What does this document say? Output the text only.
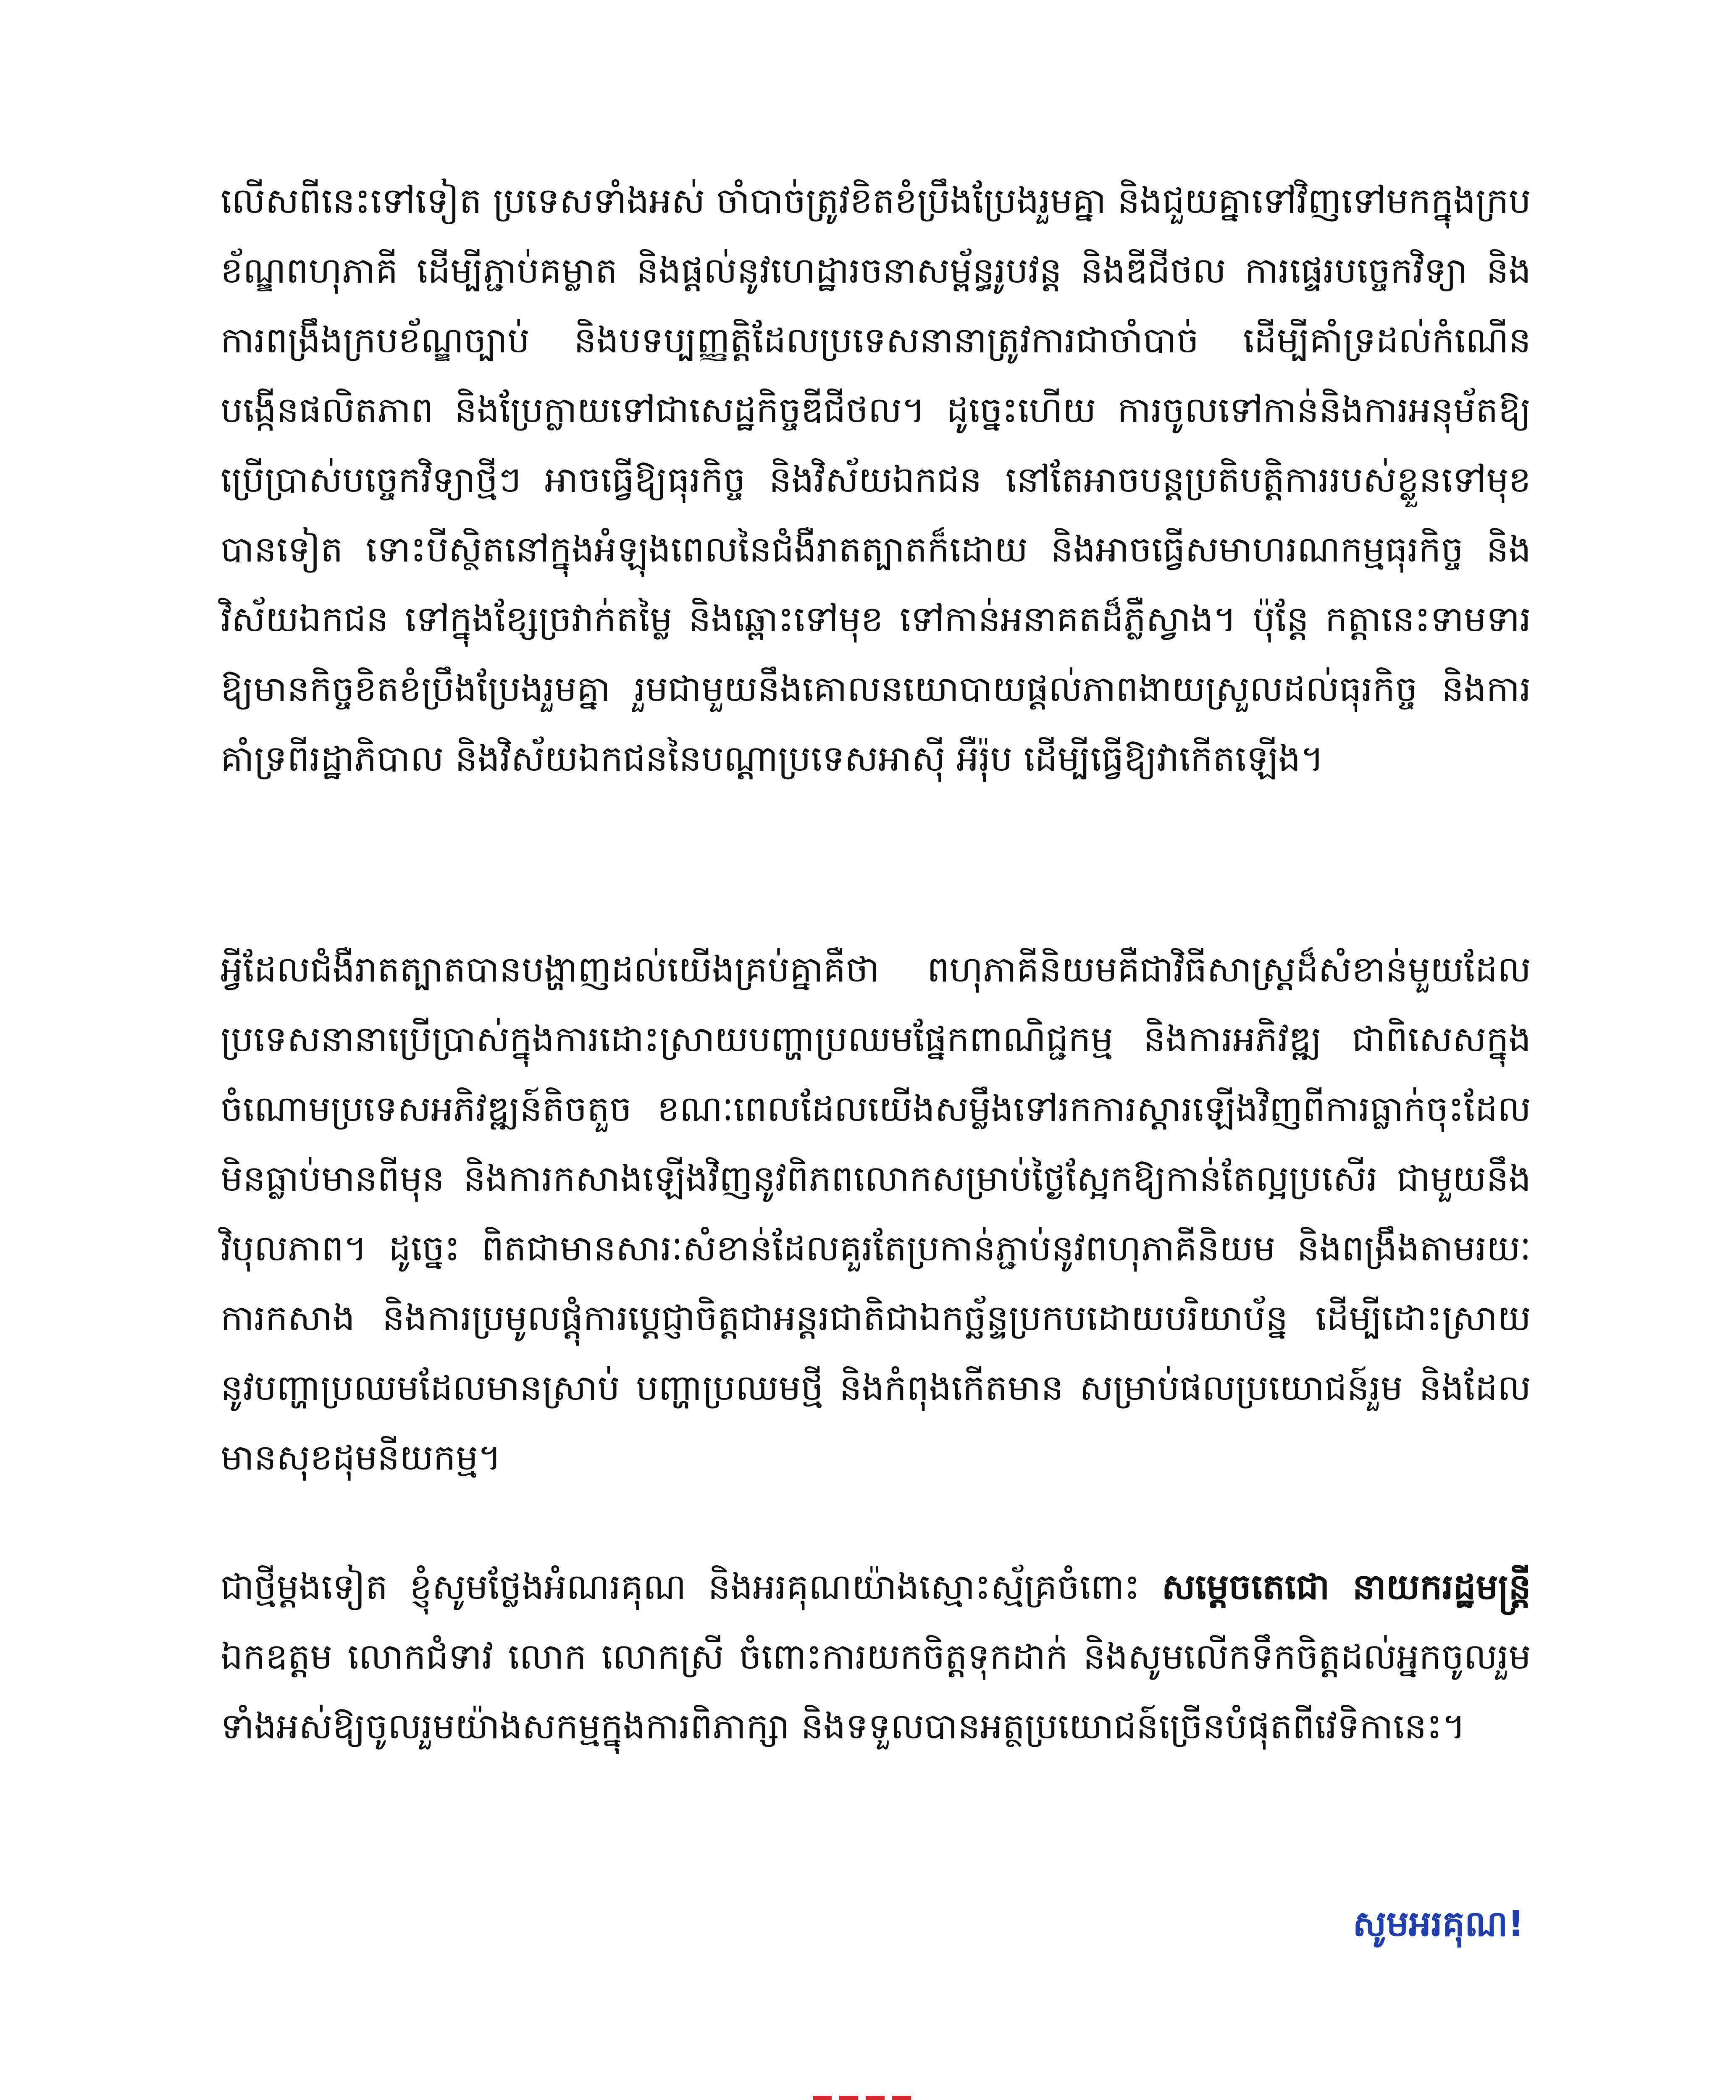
លើសពីនេះទៅទៀត ប្រទេសទាំងអស់ ចាំបាច់ត្រូវខិតខំប្រឹងប្រែងរួមគ្នា និងជួយគ្នាទៅវិញទៅមកក្នុងក្របខ័ណ្ឌពហុភាគី ដើម្បីភ្ជាប់គម្លាត និងផ្តល់នូវហេដ្ឋារចនាសម្ព័ន្ធរូបវន្ត និងឌីជីថល ការផ្ទេរបច្ចេកវិទ្យា និងការពង្រឹងក្របខ័ណ្ឌច្បាប់ និងបទប្បញ្ញត្តិដែលប្រទេសនានាត្រូវការជាចាំបាច់ ដើម្បីគាំទ្រដល់កំណើន បង្កើនផលិតភាព និងប្រែក្លាយទៅជាសេដ្ឋកិច្ចឌីជីថល។ ដូច្នេះហើយ ការចូលទៅកាន់និងការអនុម័តឱ្យប្រើប្រាស់បច្ចេកវិទ្យាថ្មីៗ អាចធ្វើឱ្យធុរកិច្ច និងវិស័យឯកជន នៅតែអាចបន្តប្រតិបត្តិការរបស់ខ្លួនទៅមុខបានទៀត ទោះបីស្ថិតនៅក្នុងអំឡុងពេលនៃជំងឺរាតត្បាតក៏ដោយ និងអាចធ្វើសមាហរណកម្មធុរកិច្ច និងវិស័យឯកជន ទៅក្នុងខ្សែច្រវាក់តម្លៃ និងឆ្ពោះទៅមុខ ទៅកាន់អនាគតដ៏ភ្លឺស្វាង។ ប៉ុន្តែ កត្តានេះទាមទារឱ្យមានកិច្ចខិតខំប្រឹងប្រែងរួមគ្នា រួមជាមួយនឹងគោលនយោបាយផ្តល់ភាពងាយស្រួលដល់ធុរកិច្ច និងការគាំទ្រពីរដ្ឋាភិបាល និងវិស័យឯកជននៃបណ្តាប្រទេសអាស៊ី អឺរ៉ុប ដើម្បីធ្វើឱ្យវាកើតឡើង។

អ្វីដែលជំងឺរាតត្បាតបានបង្ហាញដល់យើងគ្រប់គ្នាគឺថា ពហុភាគីនិយមគឺជាវិធីសាស្ត្រដ៏សំខាន់មួយដែលប្រទេសនានាប្រើប្រាស់ក្នុងការដោះស្រាយបញ្ហាប្រឈមផ្នែកពាណិជ្ជកម្ម និងការអភិវឌ្ឍ ជាពិសេសក្នុងចំណោមប្រទេសអភិវឌ្ឍន៍តិចតួច ខណៈពេលដែលយើងសម្លឹងទៅរកការស្តារឡើងវិញពីការធ្លាក់ចុះដែលមិនធ្លាប់មានពីមុន និងការកសាងឡើងវិញនូវពិភពលោកសម្រាប់ថ្ងៃស្អែកឱ្យកាន់តែល្អប្រសើរ ជាមួយនឹងវិបុលភាព។ ដូច្នេះ ពិតជាមានសារៈសំខាន់ដែលគួរតែប្រកាន់ភ្ជាប់នូវពហុភាគីនិយម និងពង្រឹងតាមរយៈការកសាង និងការប្រមូលផ្តុំការប្តេជ្ញាចិត្តជាអន្តរជាតិជាឯកច្ឆ័ន្ទប្រកបដោយបរិយាប័ន្ន ដើម្បីដោះស្រាយនូវបញ្ហាប្រឈមដែលមានស្រាប់ បញ្ហាប្រឈមថ្មី និងកំពុងកើតមាន សម្រាប់ផលប្រយោជន៍រួម និងដែលមានសុខដុមនីយកម្ម។

ជាថ្មីម្តងទៀត ខ្ញុំសូមថ្លែងអំណរគុណ និងអរគុណយ៉ាងស្មោះស្ម័គ្រចំពោះ សម្តេចតេជោ នាយករដ្ឋមន្ត្រី ឯកឧត្តម លោកជំទាវ លោក លោកស្រី ចំពោះការយកចិត្តទុកដាក់ និងសូមលើកទឹកចិត្តដល់អ្នកចូលរួមទាំងអស់ឱ្យចូលរួមយ៉ាងសកម្មក្នុងការពិភាក្សា និងទទួលបានអត្ថប្រយោជន៍ច្រើនបំផុតពីវេទិកានេះ។

សូមអរគុណ!
